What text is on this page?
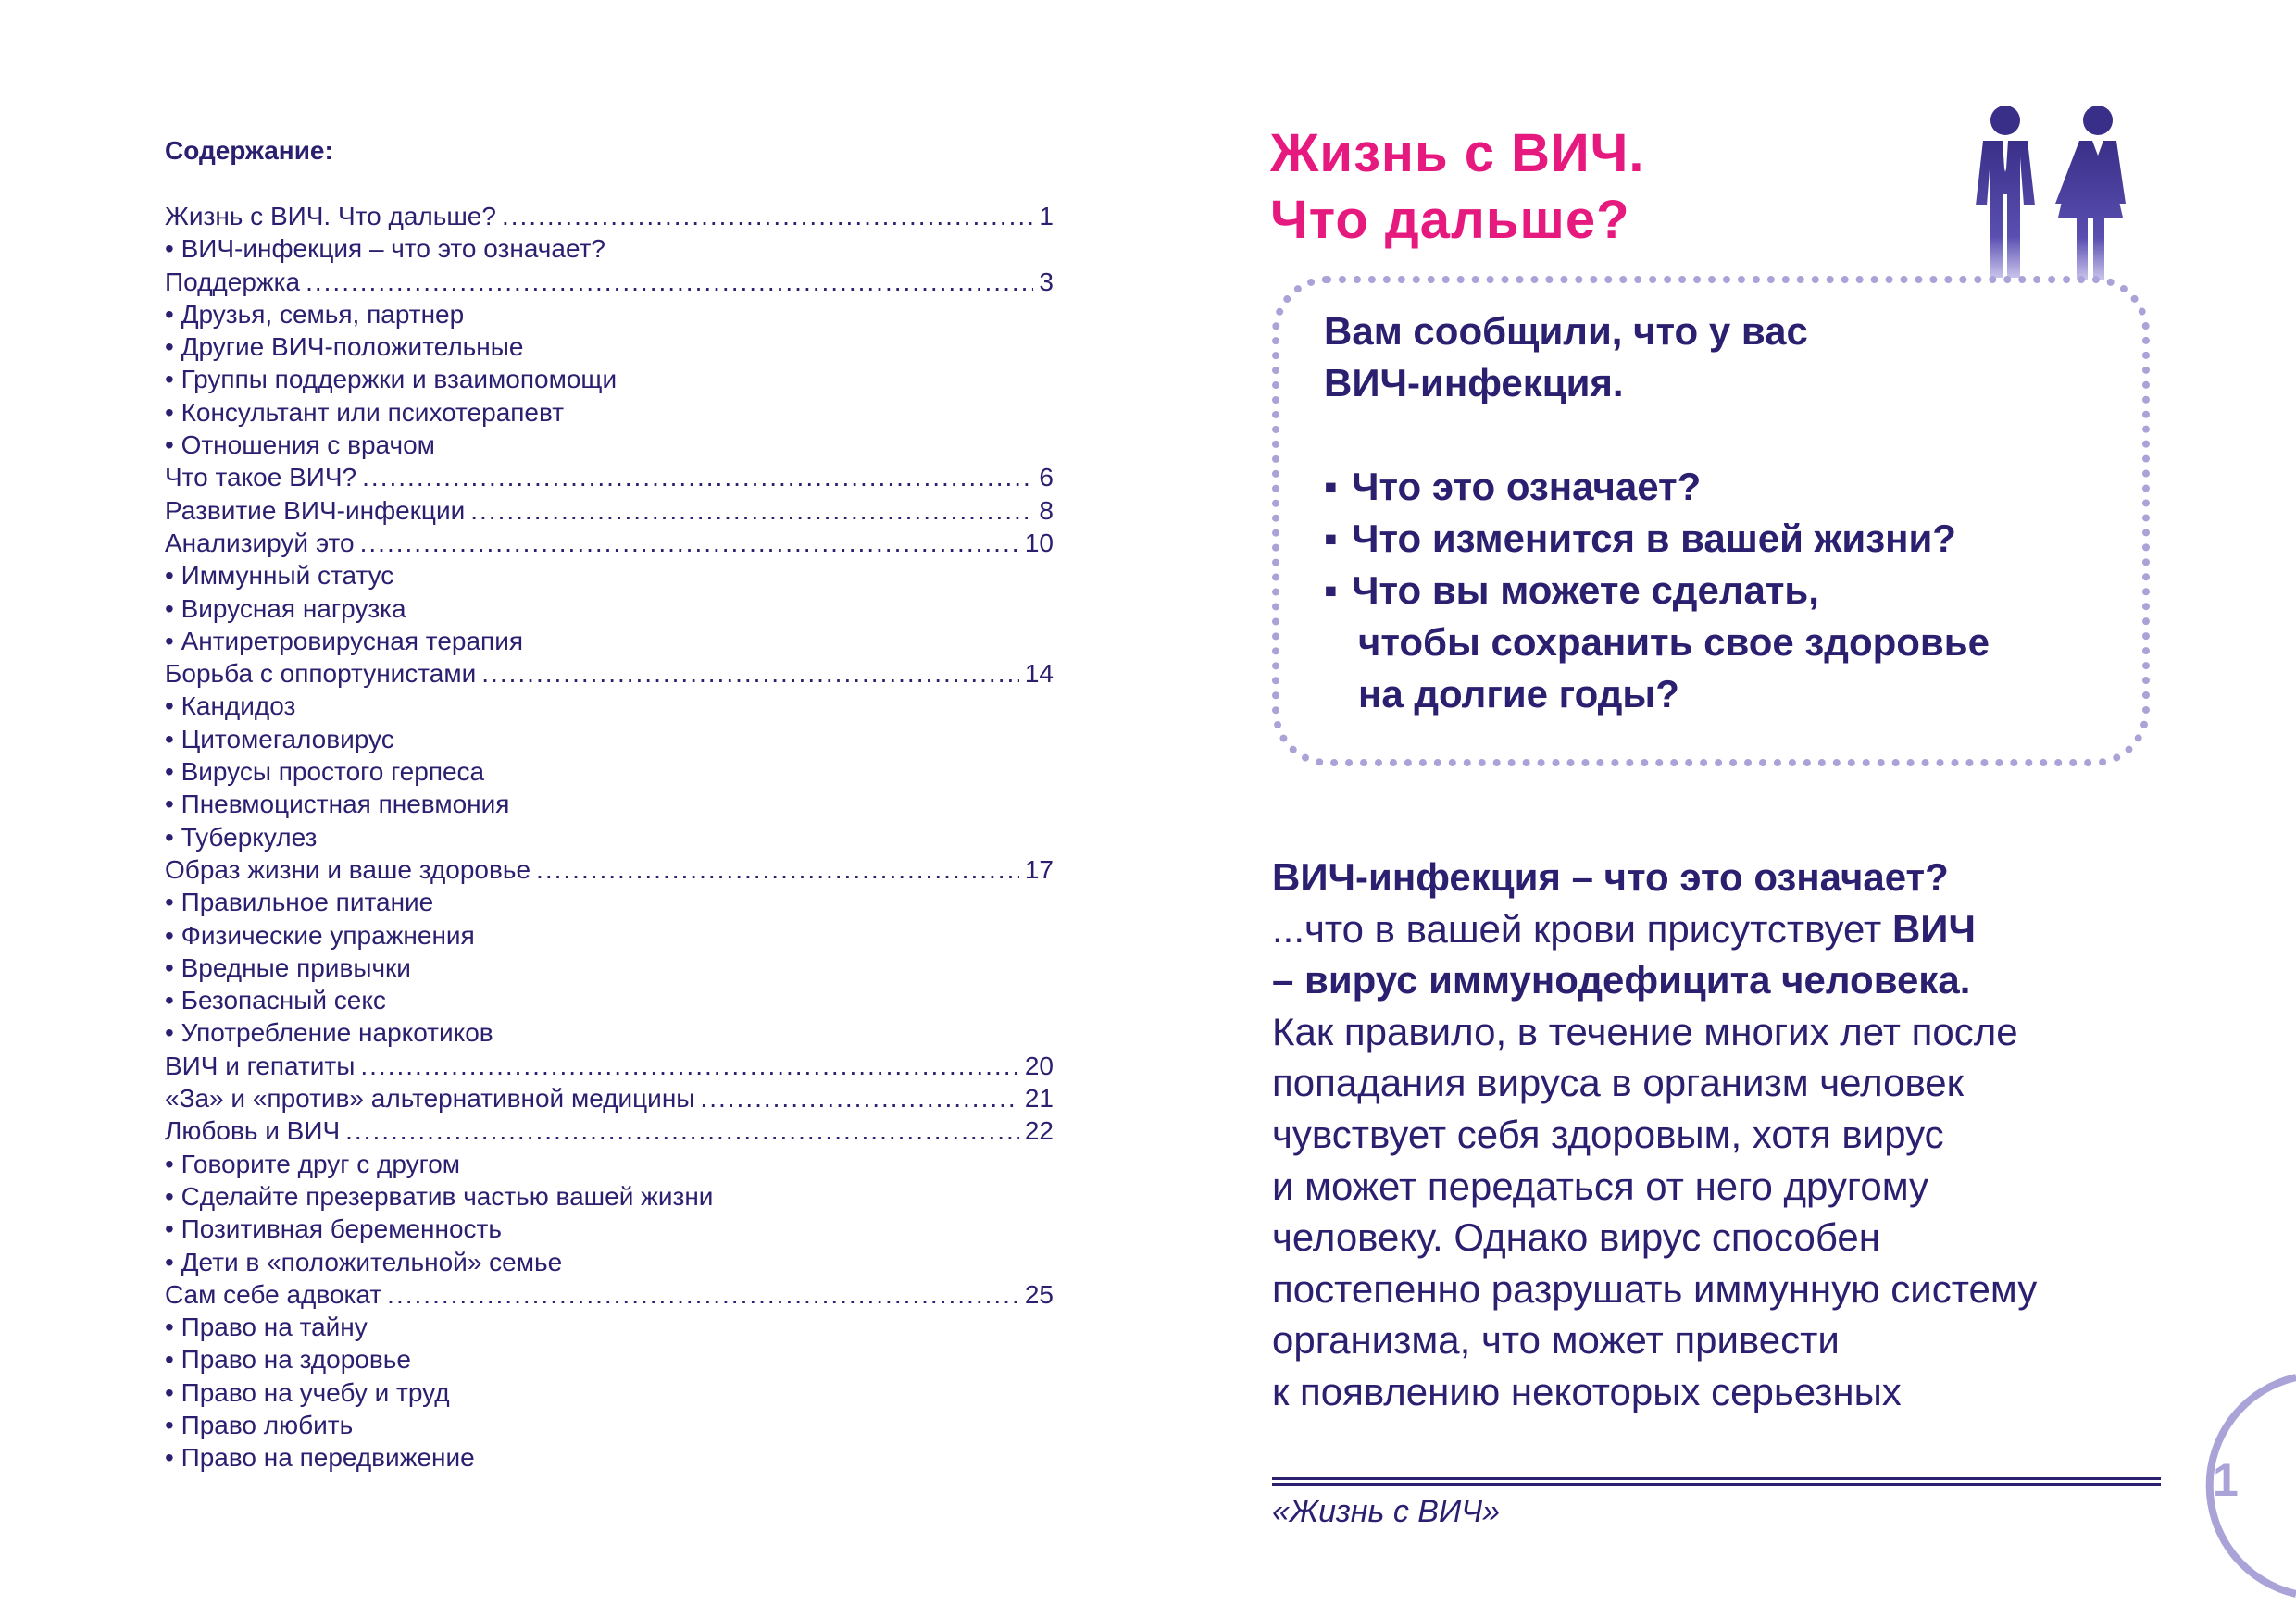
Содержание:
Жизнь с ВИЧ. Что дальше? .....	1
• ВИЧ-инфекция – что это означает?
Поддержка .....	3
• Друзья, семья, партнер
• Другие ВИЧ-положительные
• Группы поддержки и взаимопомощи
• Консультант или психотерапевт
• Отношения с врачом
Что такое ВИЧ? .....	6
Развитие ВИЧ-инфекции .....	8
Анализируй это .....	10
• Иммунный статус
• Вирусная нагрузка
• Антиретровирусная терапия
Борьба с оппортунистами .....	14
• Кандидоз
• Цитомегаловирус
• Вирусы простого герпеса
• Пневмоцистная пневмония
• Туберкулез
Образ жизни и ваше здоровье .....	17
• Правильное питание
• Физические упражнения
• Вредные привычки
• Безопасный секс
• Употребление наркотиков
ВИЧ и гепатиты .....	20
«За» и «против» альтернативной медицины .....	21
Любовь и ВИЧ .....	22
• Говорите друг с другом
• Сделайте презерватив частью вашей жизни
• Позитивная беременность
• Дети в «положительной» семье
Сам себе адвокат .....	25
• Право на тайну
• Право на здоровье
• Право на учебу и труд
• Право любить
• Право на передвижение
Жизнь с ВИЧ.
Что дальше?
Вам сообщили, что у вас
ВИЧ-инфекция.
▪ Что это означает?
▪ Что изменится в вашей жизни?
▪ Что вы можете сделать,
чтобы сохранить свое здоровье
на долгие годы?
ВИЧ-инфекция – что это означает?
...что в вашей крови присутствует ВИЧ
– вирус иммунодефицита человека.
Как правило, в течение многих лет после
попадания вируса в организм человек
чувствует себя здоровым, хотя вирус
и может передаться от него другому
человеку. Однако вирус способен
постепенно разрушать иммунную систему
организма, что может привести
к появлению некоторых серьезных
«Жизнь с ВИЧ»
1
